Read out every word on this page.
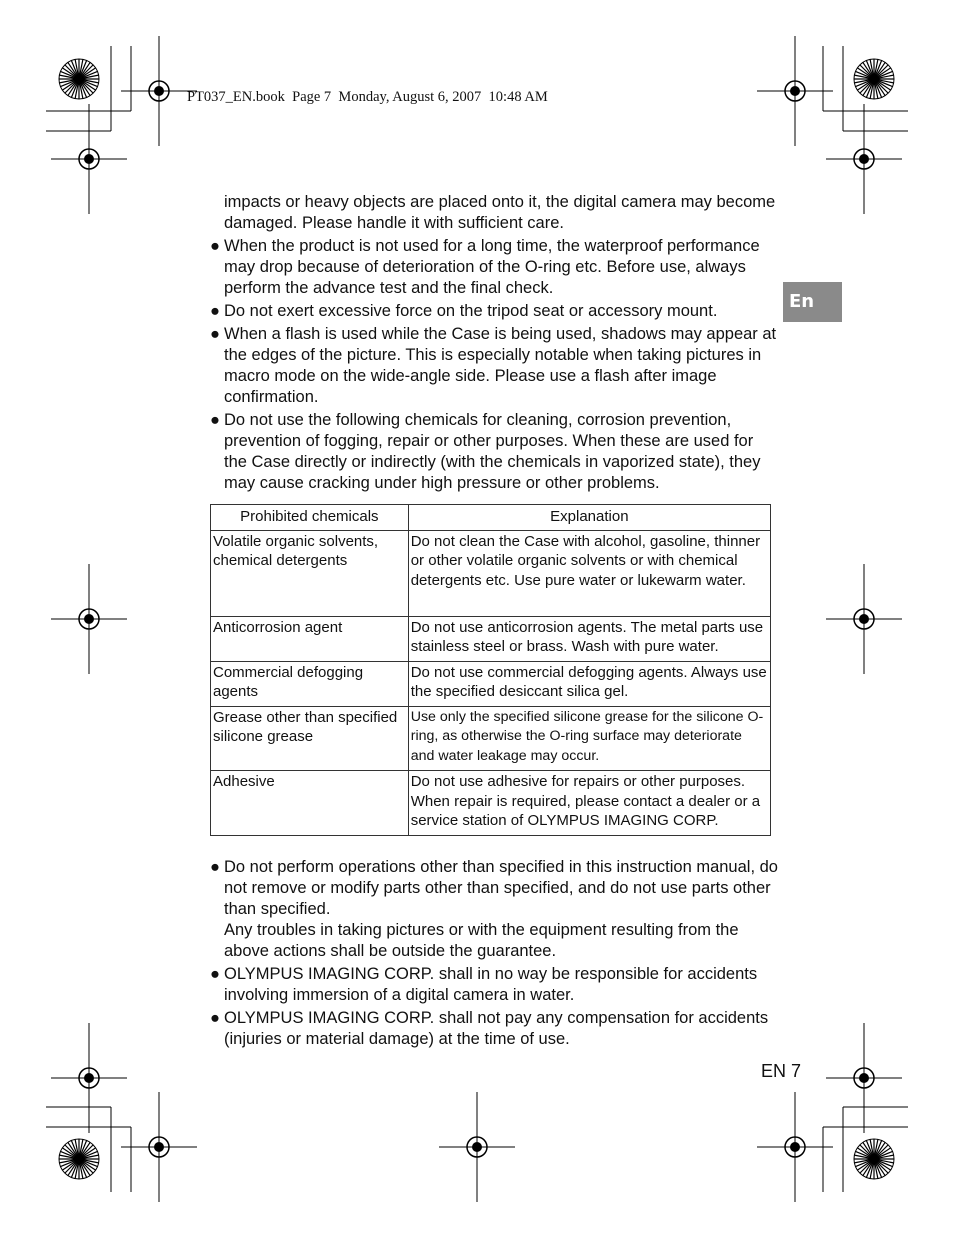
PT037_EN.book  Page 7  Monday, August 6, 2007  10:48 AM
En

impacts or heavy objects are placed onto it, the digital camera may become damaged. Please handle it with sufficient care.

● When the product is not used for a long time, the waterproof performance may drop because of deterioration of the O-ring etc. Before use, always perform the advance test and the final check.

● Do not exert excessive force on the tripod seat or accessory mount.

● When a flash is used while the Case is being used, shadows may appear at the edges of the picture. This is especially notable when taking pictures in macro mode on the wide-angle side. Please use a flash after image confirmation.

● Do not use the following chemicals for cleaning, corrosion prevention, prevention of fogging, repair or other purposes. When these are used for the Case directly or indirectly (with the chemicals in vaporized state), they may cause cracking under high pressure or other problems.

Prohibited chemicals	Explanation
Volatile organic solvents, chemical detergents	Do not clean the Case with alcohol, gasoline, thinner or other volatile organic solvents or with chemical detergents etc. Use pure water or lukewarm water.
Anticorrosion agent	Do not use anticorrosion agents. The metal parts use stainless steel or brass. Wash with pure water.
Commercial defogging agents	Do not use commercial defogging agents. Always use the specified desiccant silica gel.
Grease other than specified silicone grease	Use only the specified silicone grease for the silicone O-ring, as otherwise the O-ring surface may deteriorate and water leakage may occur.
Adhesive	Do not use adhesive for repairs or other purposes. When repair is required, please contact a dealer or a service station of OLYMPUS IMAGING CORP.

● Do not perform operations other than specified in this instruction manual, do not remove or modify parts other than specified, and do not use parts other than specified.
Any troubles in taking pictures or with the equipment resulting from the above actions shall be outside the guarantee.

● OLYMPUS IMAGING CORP. shall in no way be responsible for accidents involving immersion of a digital camera in water.

● OLYMPUS IMAGING CORP. shall not pay any compensation for accidents (injuries or material damage) at the time of use.

EN 7
